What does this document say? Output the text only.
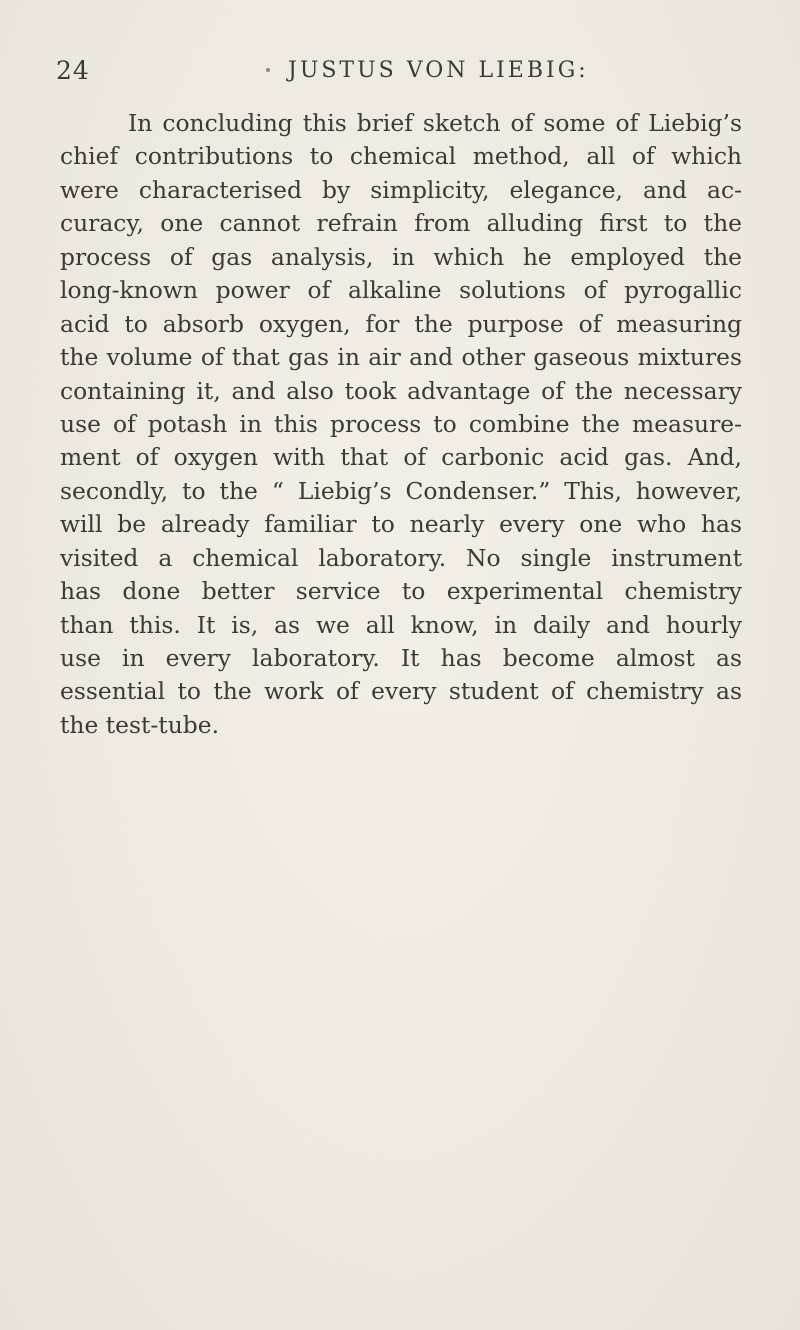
24	JUSTUS VON LIEBIG:
In concluding this brief sketch of some of Liebig’s
chief contributions to chemical method, all of which
were characterised by simplicity, elegance, and ac-
curacy, one cannot refrain from alluding first to the
process of gas analysis, in which he employed the
long-known power of alkaline solutions of pyrogallic
acid to absorb oxygen, for the purpose of measuring
the volume of that gas in air and other gaseous mixtures
containing it, and also took advantage of the necessary
use of potash in this process to combine the measure-
ment of oxygen with that of carbonic acid gas. And,
secondly, to the “ Liebig’s Condenser.” This, however,
will be already familiar to nearly every one who has
visited a chemical laboratory. No single instrument
has done better service to experimental chemistry
than this. It is, as we all know, in daily and hourly
use in every laboratory. It has become almost as
essential to the work of every student of chemistry as
the test-tube.
